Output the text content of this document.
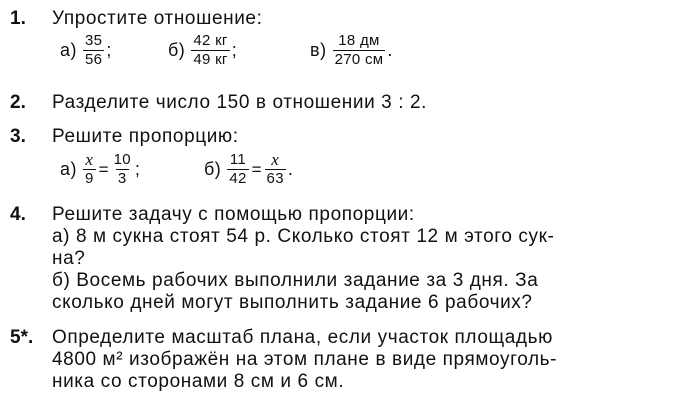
1. Упростите отношение:
$а) \frac{35}{56}$ ;	$б) \frac{42 кг}{49 кг}$ ;	$в) \frac{18 дм}{270 см}$ .
2. Разделите число 150 в отношении 3 : 2.
3. Решите пропорцию:
$а) \frac{x}{9} = \frac{10}{3}$ ;	$б) \frac{11}{42} = \frac{x}{63}$ .
4. Решите задачу с помощью пропорции:
а) 8 м сукна стоят 54 р. Сколько стоят 12 м этого сук-
на?
б) Восемь рабочих выполнили задание за 3 дня. За
сколько дней могут выполнить задание 6 рабочих?
5*. Определите масштаб плана, если участок площадью
4800 м² изображён на этом плане в виде прямоуголь-
ника со сторонами 8 см и 6 см.
